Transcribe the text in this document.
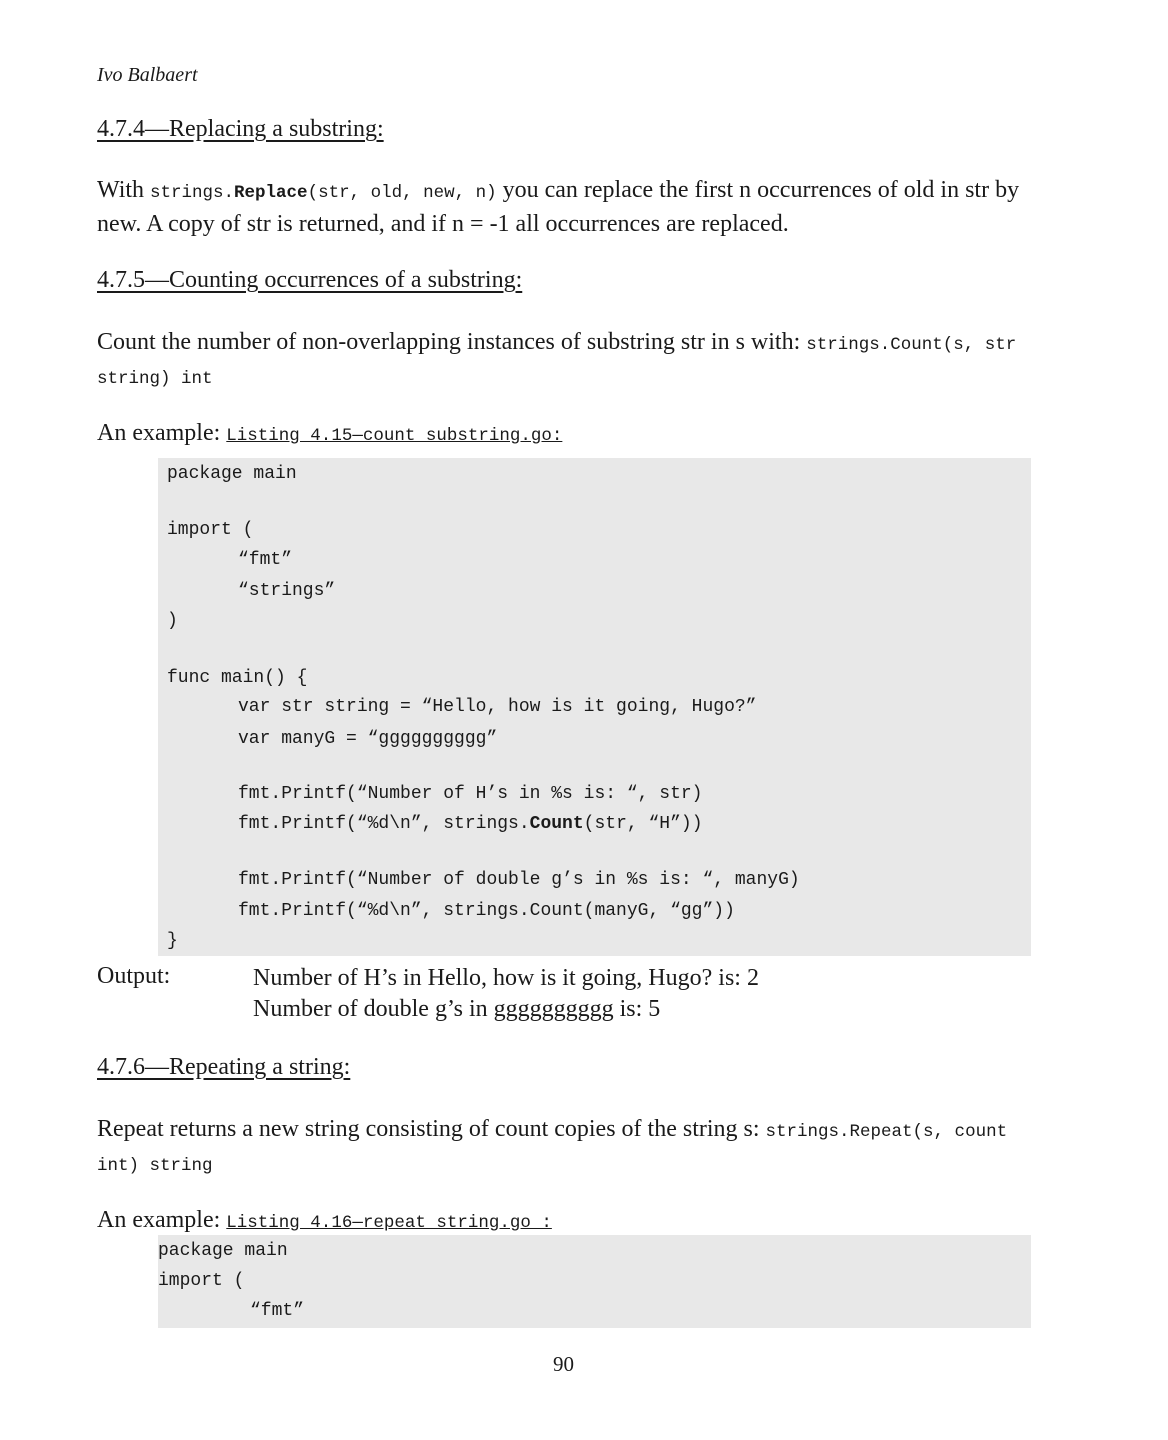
Ivo Balbaert
4.7.4—Replacing a substring:
With strings.Replace(str, old, new, n) you can replace the first n occurrences of old in str by
new. A copy of str is returned, and if n = -1 all occurrences are replaced.
4.7.5—Counting occurrences of a substring:
Count the number of non-overlapping instances of substring str in s with: strings.Count(s, str
string) int
An example: Listing 4.15—count_substring.go:
package main
import (
“fmt”
“strings”
)
func main() {
var str string = “Hello, how is it going, Hugo?”
var manyG = “gggggggggg”
fmt.Printf(“Number of H’s in %s is: “, str)
fmt.Printf(“%d\n”, strings.Count(str, “H”))
fmt.Printf(“Number of double g’s in %s is: “, manyG)
fmt.Printf(“%d\n”, strings.Count(manyG, “gg”))
}
Output:	Number of H’s in Hello, how is it going, Hugo? is: 2
Number of double g’s in gggggggggg is: 5
4.7.6—Repeating a string:
Repeat returns a new string consisting of count copies of the string s: strings.Repeat(s, count
int) string
An example: Listing 4.16—repeat_string.go :
package main
import (
“fmt”
90
